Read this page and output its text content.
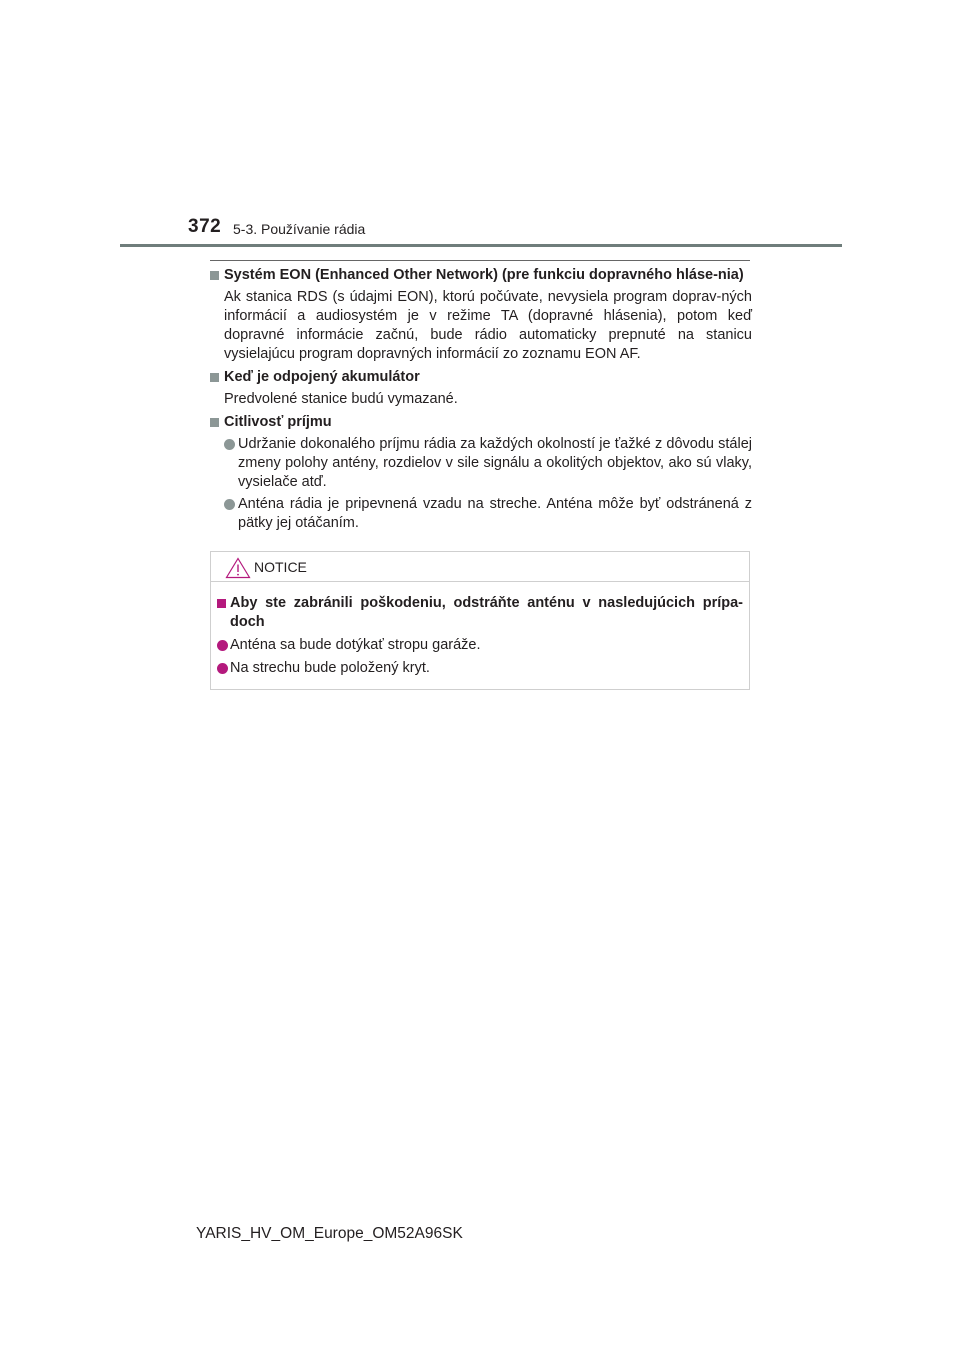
372 5-3. Používanie rádia
Systém EON (Enhanced Other Network) (pre funkciu dopravného hláse-nia)
Ak stanica RDS (s údajmi EON), ktorú počúvate, nevysiela program doprav-ných informácií a audiosystém je v režime TA (dopravné hlásenia), potom keď dopravné informácie začnú, bude rádio automaticky prepnuté na stanicu vysielajúcu program dopravných informácií zo zoznamu EON AF.
Keď je odpojený akumulátor
Predvolené stanice budú vymazané.
Citlivosť príjmu
Udržanie dokonalého príjmu rádia za každých okolností je ťažké z dôvodu stálej zmeny polohy antény, rozdielov v sile signálu a okolitých objektov, ako sú vlaky, vysielače atď.
Anténa rádia je pripevnená vzadu na streche. Anténa môže byť odstránená z pätky jej otáčaním.
NOTICE
Aby ste zabránili poškodeniu, odstráňte anténu v nasledujúcich prípa-doch
Anténa sa bude dotýkať stropu garáže.
Na strechu bude položený kryt.
YARIS_HV_OM_Europe_OM52A96SK
